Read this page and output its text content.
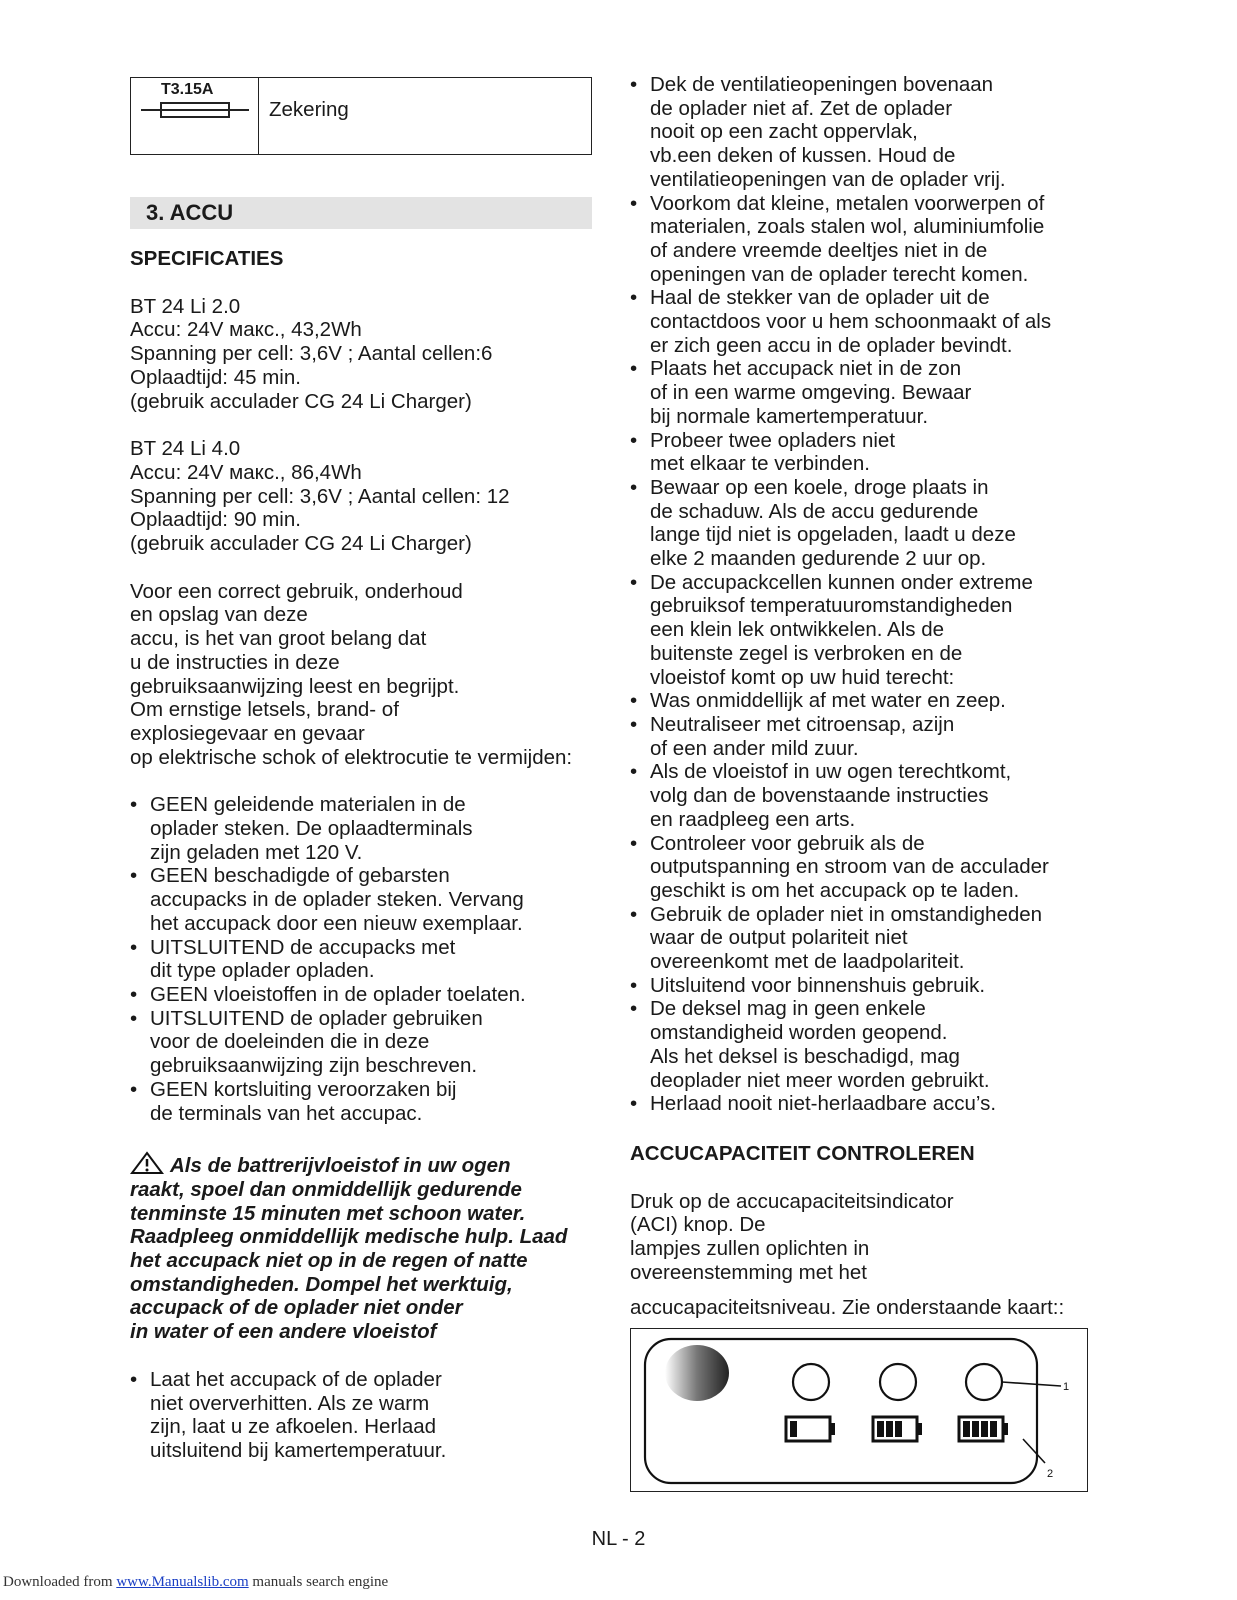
T3.15A
Zekering
3. ACCU
SPECIFICATIES
BT 24 Li 2.0
Accu: 24V макс., 43,2Wh
Spanning per cell: 3,6V ; Aantal cellen:6
Oplaadtijd: 45 min.
(gebruik acculader CG 24 Li Charger)
BT 24 Li 4.0
Accu: 24V макс., 86,4Wh
Spanning per cell: 3,6V ; Aantal cellen: 12
Oplaadtijd: 90 min.
(gebruik acculader CG 24 Li Charger)
Voor een correct gebruik, onderhoud
en opslag van deze
accu, is het van groot belang dat
u de instructies in deze
gebruiksaanwijzing leest en begrijpt.
Om ernstige letsels, brand- of
explosiegevaar en gevaar
op elektrische schok of elektrocutie te vermijden:
• GEEN geleidende materialen in de
oplader steken. De oplaadterminals
zijn geladen met 120 V.
• GEEN beschadigde of gebarsten
accupacks in de oplader steken. Vervang
het accupack door een nieuw exemplaar.
• UITSLUITEND de accupacks met
dit type oplader opladen.
• GEEN vloeistoffen in de oplader toelaten.
• UITSLUITEND de oplader gebruiken
voor de doeleinden die in deze
gebruiksaanwijzing zijn beschreven.
• GEEN kortsluiting veroorzaken bij
de terminals van het accupac.
Als de battrerijvloeistof in uw ogen
raakt, spoel dan onmiddellijk gedurende
tenminste 15 minuten met schoon water.
Raadpleeg onmiddellijk medische hulp. Laad
het accupack niet op in de regen of natte
omstandigheden. Dompel het werktuig,
accupack of de oplader niet onder
in water of een andere vloeistof
• Laat het accupack of de oplader
niet oververhitten. Als ze warm
zijn, laat u ze afkoelen. Herlaad
uitsluitend bij kamertemperatuur.
• Dek de ventilatieopeningen bovenaan
de oplader niet af. Zet de oplader
nooit op een zacht oppervlak,
vb.een deken of kussen. Houd de
ventilatieopeningen van de oplader vrij.
• Voorkom dat kleine, metalen voorwerpen of
materialen, zoals stalen wol, aluminiumfolie
of andere vreemde deeltjes niet in de
openingen van de oplader terecht komen.
• Haal de stekker van de oplader uit de
contactdoos voor u hem schoonmaakt of als
er zich geen accu in de oplader bevindt.
• Plaats het accupack niet in de zon
of in een warme omgeving. Bewaar
bij normale kamertemperatuur.
• Probeer twee opladers niet
met elkaar te verbinden.
• Bewaar op een koele, droge plaats in
de schaduw. Als de accu gedurende
lange tijd niet is opgeladen, laadt u deze
elke 2 maanden gedurende 2 uur op.
• De accupackcellen kunnen onder extreme
gebruiksof temperatuuromstandigheden
een klein lek ontwikkelen. Als de
buitenste zegel is verbroken en de
vloeistof komt op uw huid terecht:
• Was onmiddellijk af met water en zeep.
• Neutraliseer met citroensap, azijn
of een ander mild zuur.
• Als de vloeistof in uw ogen terechtkomt,
volg dan de bovenstaande instructies
en raadpleeg een arts.
• Controleer voor gebruik als de
outputspanning en stroom van de acculader
geschikt is om het accupack op te laden.
• Gebruik de oplader niet in omstandigheden
waar de output polariteit niet
overeenkomt met de laadpolariteit.
• Uitsluitend voor binnenshuis gebruik.
• De deksel mag in geen enkele
omstandigheid worden geopend.
Als het deksel is beschadigd, mag
deoplader niet meer worden gebruikt.
• Herlaad nooit niet-herlaadbare accu’s.
ACCUCAPACITEIT CONTROLEREN
Druk op de accucapaciteitsindicator
(ACI) knop. De
lampjes zullen oplichten in
overeenstemming met het
accucapaciteitsniveau. Zie onderstaande kaart::
1
2
NL - 2
Downloaded from www.Manualslib.com manuals search engine
